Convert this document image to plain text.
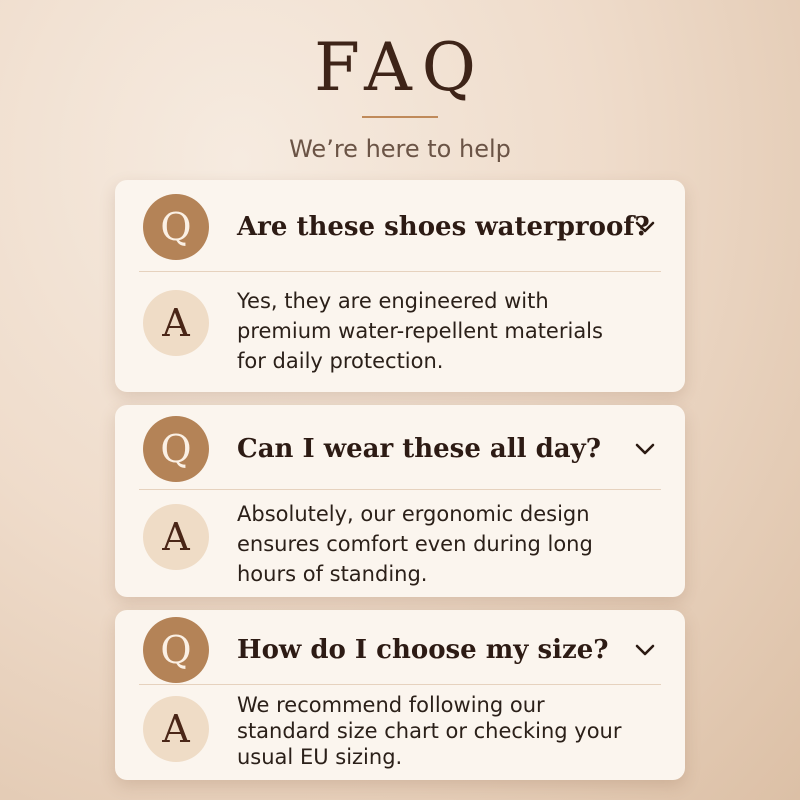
FAQ
We’re here to help
Q	Are these shoes waterproof?
A	Yes, they are engineered with premium water-repellent materials for daily protection.
Q	Can I wear these all day?
A
Absolutely, our ergonomic design ensures comfort even during long hours of standing.
Q	How do I choose my size?
A
We recommend following our standard size chart or checking your usual EU sizing.
